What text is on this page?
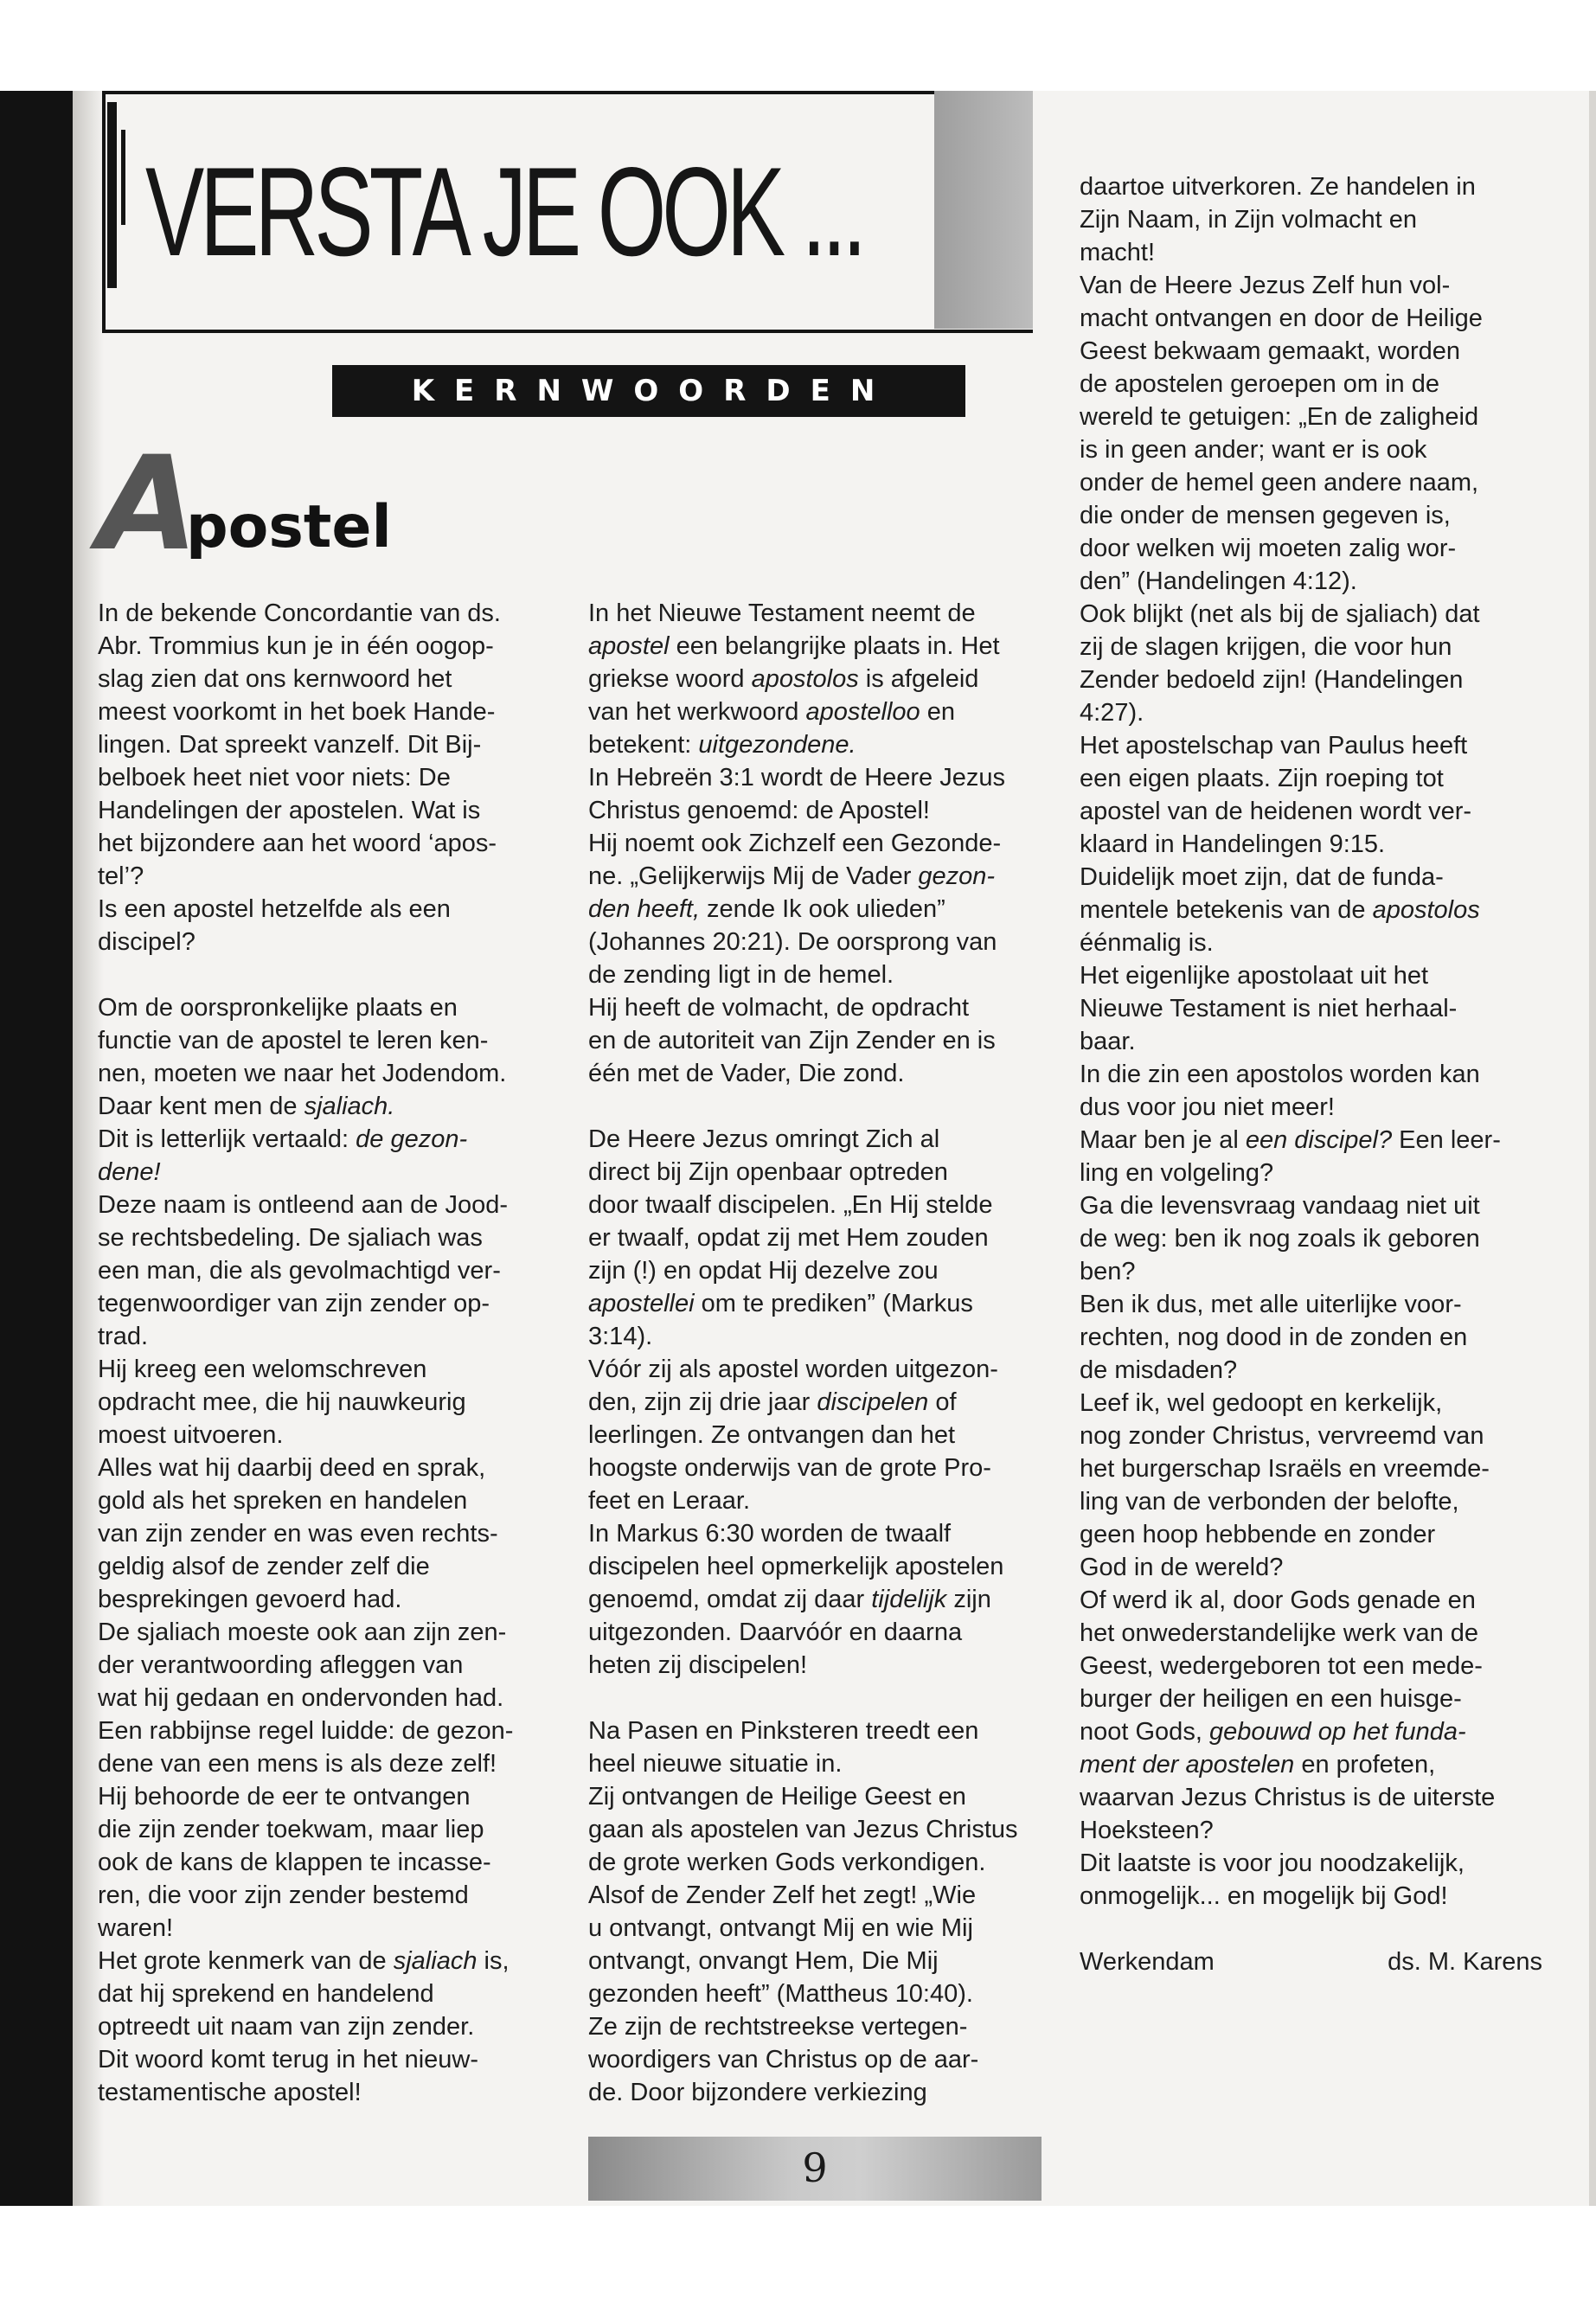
VERSTA JE OOK ...
KERNWOORDEN
A
postel
In de bekende Concordantie van ds.
Abr. Trommius kun je in één oogop-
slag zien dat ons kernwoord het
meest voorkomt in het boek Hande-
lingen. Dat spreekt vanzelf. Dit Bij-
belboek heet niet voor niets: De
Handelingen der apostelen. Wat is
het bijzondere aan het woord ‘apos-
tel’?
Is een apostel hetzelfde als een
discipel?
Om de oorspronkelijke plaats en
functie van de apostel te leren ken-
nen, moeten we naar het Jodendom.
Daar kent men de sjaliach.
Dit is letterlijk vertaald: de gezon-
dene!
Deze naam is ontleend aan de Jood-
se rechtsbedeling. De sjaliach was
een man, die als gevolmachtigd ver-
tegenwoordiger van zijn zender op-
trad.
Hij kreeg een welomschreven
opdracht mee, die hij nauwkeurig
moest uitvoeren.
Alles wat hij daarbij deed en sprak,
gold als het spreken en handelen
van zijn zender en was even rechts-
geldig alsof de zender zelf die
besprekingen gevoerd had.
De sjaliach moeste ook aan zijn zen-
der verantwoording afleggen van
wat hij gedaan en ondervonden had.
Een rabbijnse regel luidde: de gezon-
dene van een mens is als deze zelf!
Hij behoorde de eer te ontvangen
die zijn zender toekwam, maar liep
ook de kans de klappen te incasse-
ren, die voor zijn zender bestemd
waren!
Het grote kenmerk van de sjaliach is,
dat hij sprekend en handelend
optreedt uit naam van zijn zender.
Dit woord komt terug in het nieuw-
testamentische apostel!
In het Nieuwe Testament neemt de
apostel een belangrijke plaats in. Het
griekse woord apostolos is afgeleid
van het werkwoord apostelloo en
betekent: uitgezondene.
In Hebreën 3:1 wordt de Heere Jezus
Christus genoemd: de Apostel!
Hij noemt ook Zichzelf een Gezonde-
ne. „Gelijkerwijs Mij de Vader gezon-
den heeft, zende Ik ook ulieden”
(Johannes 20:21). De oorsprong van
de zending ligt in de hemel.
Hij heeft de volmacht, de opdracht
en de autoriteit van Zijn Zender en is
één met de Vader, Die zond.
De Heere Jezus omringt Zich al
direct bij Zijn openbaar optreden
door twaalf discipelen. „En Hij stelde
er twaalf, opdat zij met Hem zouden
zijn (!) en opdat Hij dezelve zou
apostellei om te prediken” (Markus
3:14).
Vóór zij als apostel worden uitgezon-
den, zijn zij drie jaar discipelen of
leerlingen. Ze ontvangen dan het
hoogste onderwijs van de grote Pro-
feet en Leraar.
In Markus 6:30 worden de twaalf
discipelen heel opmerkelijk apostelen
genoemd, omdat zij daar tijdelijk zijn
uitgezonden. Daarvóór en daarna
heten zij discipelen!
Na Pasen en Pinksteren treedt een
heel nieuwe situatie in.
Zij ontvangen de Heilige Geest en
gaan als apostelen van Jezus Christus
de grote werken Gods verkondigen.
Alsof de Zender Zelf het zegt! „Wie
u ontvangt, ontvangt Mij en wie Mij
ontvangt, onvangt Hem, Die Mij
gezonden heeft” (Mattheus 10:40).
Ze zijn de rechtstreekse vertegen-
woordigers van Christus op de aar-
de. Door bijzondere verkiezing
daartoe uitverkoren. Ze handelen in
Zijn Naam, in Zijn volmacht en
macht!
Van de Heere Jezus Zelf hun vol-
macht ontvangen en door de Heilige
Geest bekwaam gemaakt, worden
de apostelen geroepen om in de
wereld te getuigen: „En de zaligheid
is in geen ander; want er is ook
onder de hemel geen andere naam,
die onder de mensen gegeven is,
door welken wij moeten zalig wor-
den” (Handelingen 4:12).
Ook blijkt (net als bij de sjaliach) dat
zij de slagen krijgen, die voor hun
Zender bedoeld zijn! (Handelingen
4:27).
Het apostelschap van Paulus heeft
een eigen plaats. Zijn roeping tot
apostel van de heidenen wordt ver-
klaard in Handelingen 9:15.
Duidelijk moet zijn, dat de funda-
mentele betekenis van de apostolos
éénmalig is.
Het eigenlijke apostolaat uit het
Nieuwe Testament is niet herhaal-
baar.
In die zin een apostolos worden kan
dus voor jou niet meer!
Maar ben je al een discipel? Een leer-
ling en volgeling?
Ga die levensvraag vandaag niet uit
de weg: ben ik nog zoals ik geboren
ben?
Ben ik dus, met alle uiterlijke voor-
rechten, nog dood in de zonden en
de misdaden?
Leef ik, wel gedoopt en kerkelijk,
nog zonder Christus, vervreemd van
het burgerschap Israëls en vreemde-
ling van de verbonden der belofte,
geen hoop hebbende en zonder
God in de wereld?
Of werd ik al, door Gods genade en
het onwederstandelijke werk van de
Geest, wedergeboren tot een mede-
burger der heiligen en een huisge-
noot Gods, gebouwd op het funda-
ment der apostelen en profeten,
waarvan Jezus Christus is de uiterste
Hoeksteen?
Dit laatste is voor jou noodzakelijk,
onmogelijk... en mogelijk bij God!
Werkendam	ds. M. Karens
9
